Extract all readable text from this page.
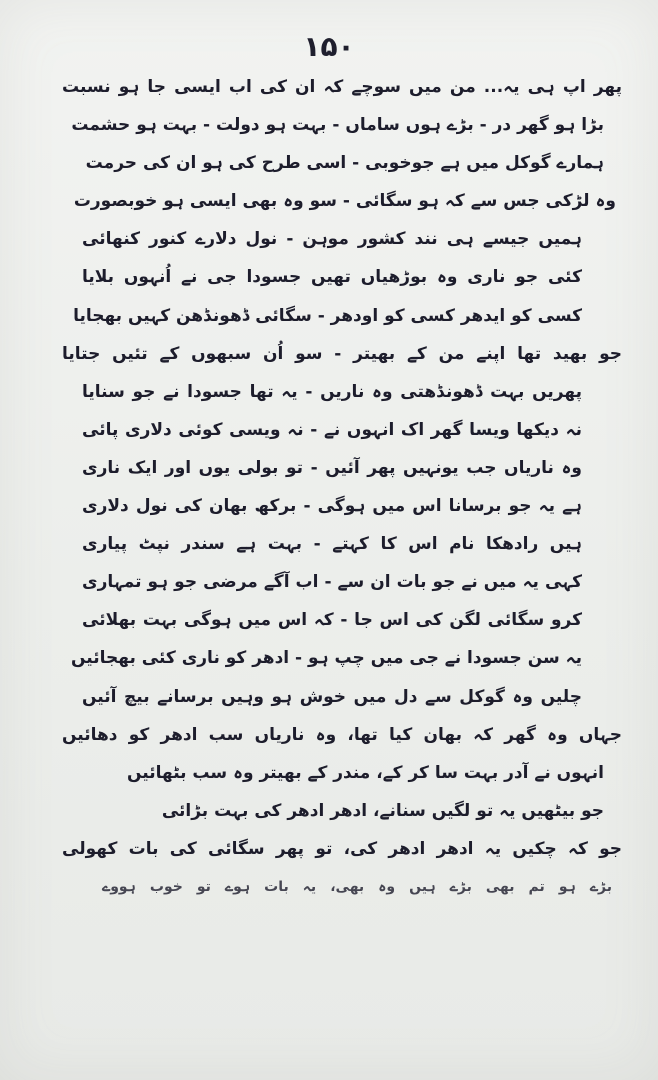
۱۵۰
پھر اپ ہی یہ... من میں سوچے کہ ان کی اب ایسی جا ہو نسبت
بڑا ہو گھر در - بڑے ہوں ساماں - بہت ہو دولت - بہت ہو حشمت
ہمارے گوکل میں ہے جوخوبی - اسی طرح کی ہو ان کی حرمت
وہ لڑکی جس سے کہ ہو سگائی - سو وہ بھی ایسی ہو خوبصورت
ہمیں جیسے ہی نند کشور موہن - نول دلارے کنور کنھائی
کئی جو ناری وہ بوڑھیاں تھیں جسودا جی نے اُنہوں بلایا
کسی کو ایدھر کسی کو اودھر - سگائی ڈھونڈھن کہیں بھجایا
جو بھید تھا اپنے من کے بھیتر - سو اُن سبھوں کے تئیں جتایا
پھریں بہت ڈھونڈھتی وہ ناریں - یہ تھا جسودا نے جو سنایا
نہ دیکھا ویسا گھر اک انہوں نے - نہ ویسی کوئی دلاری پائی
وہ ناریاں جب یونہیں پھر آئیں - تو بولی یوں اور ایک ناری
ہے یہ جو برسانا اس میں ہوگی - برکھ بھان کی نول دلاری
ہیں رادھکا نام اس کا کہتے - بہت ہے سندر نپٹ پیاری
کہی یہ میں نے جو بات ان سے - اب آگے مرضی جو ہو تمہاری
کرو سگائی لگن کی اس جا - کہ اس میں ہوگی بہت بھلائی
یہ سن جسودا نے جی میں چپ ہو - ادھر کو ناری کئی بھجائیں
چلیں وہ گوکل سے دل میں خوش ہو وہیں برسانے بیچ آئیں
جہاں وہ گھر کہ بھان کیا تھا، وہ ناریاں سب ادھر کو دھائیں
انہوں نے آدر بہت سا کر کے، مندر کے بھیتر وہ سب بٹھائیں
جو بیٹھیں یہ تو لگیں سنانے، ادھر ادھر کی بہت بڑائی
جو کہ چکیں یہ ادھر ادھر کی، تو پھر سگائی کی بات کھولی
بڑے ہو تم بھی بڑے ہیں وہ بھی، یہ بات ہوے تو خوب ہووے
